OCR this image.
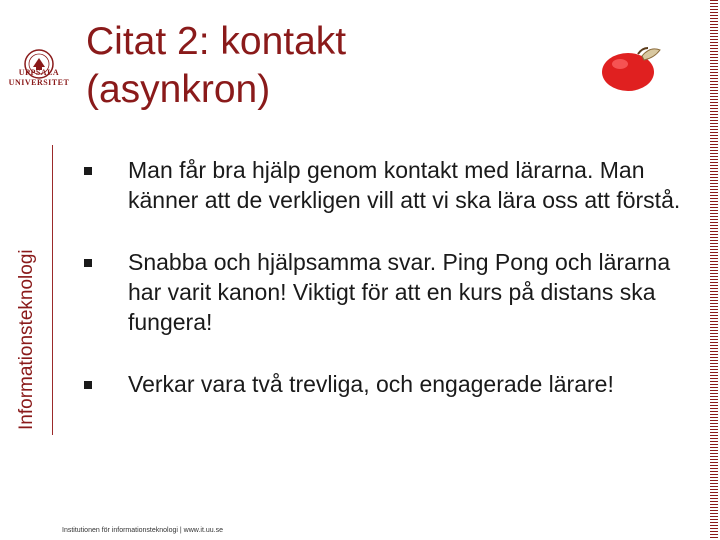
UPPSALA UNIVERSITET
Informationsteknologi
Citat 2: kontakt
(asynkron)
Man får bra hjälp genom kontakt med lärarna. Man känner att de verkligen vill att vi ska lära oss att förstå.
Snabba och hjälpsamma svar. Ping Pong och lärarna har varit kanon! Viktigt för att en kurs på distans ska fungera!
Verkar vara två trevliga, och engagerade lärare!
Institutionen för informationsteknologi | www.it.uu.se
